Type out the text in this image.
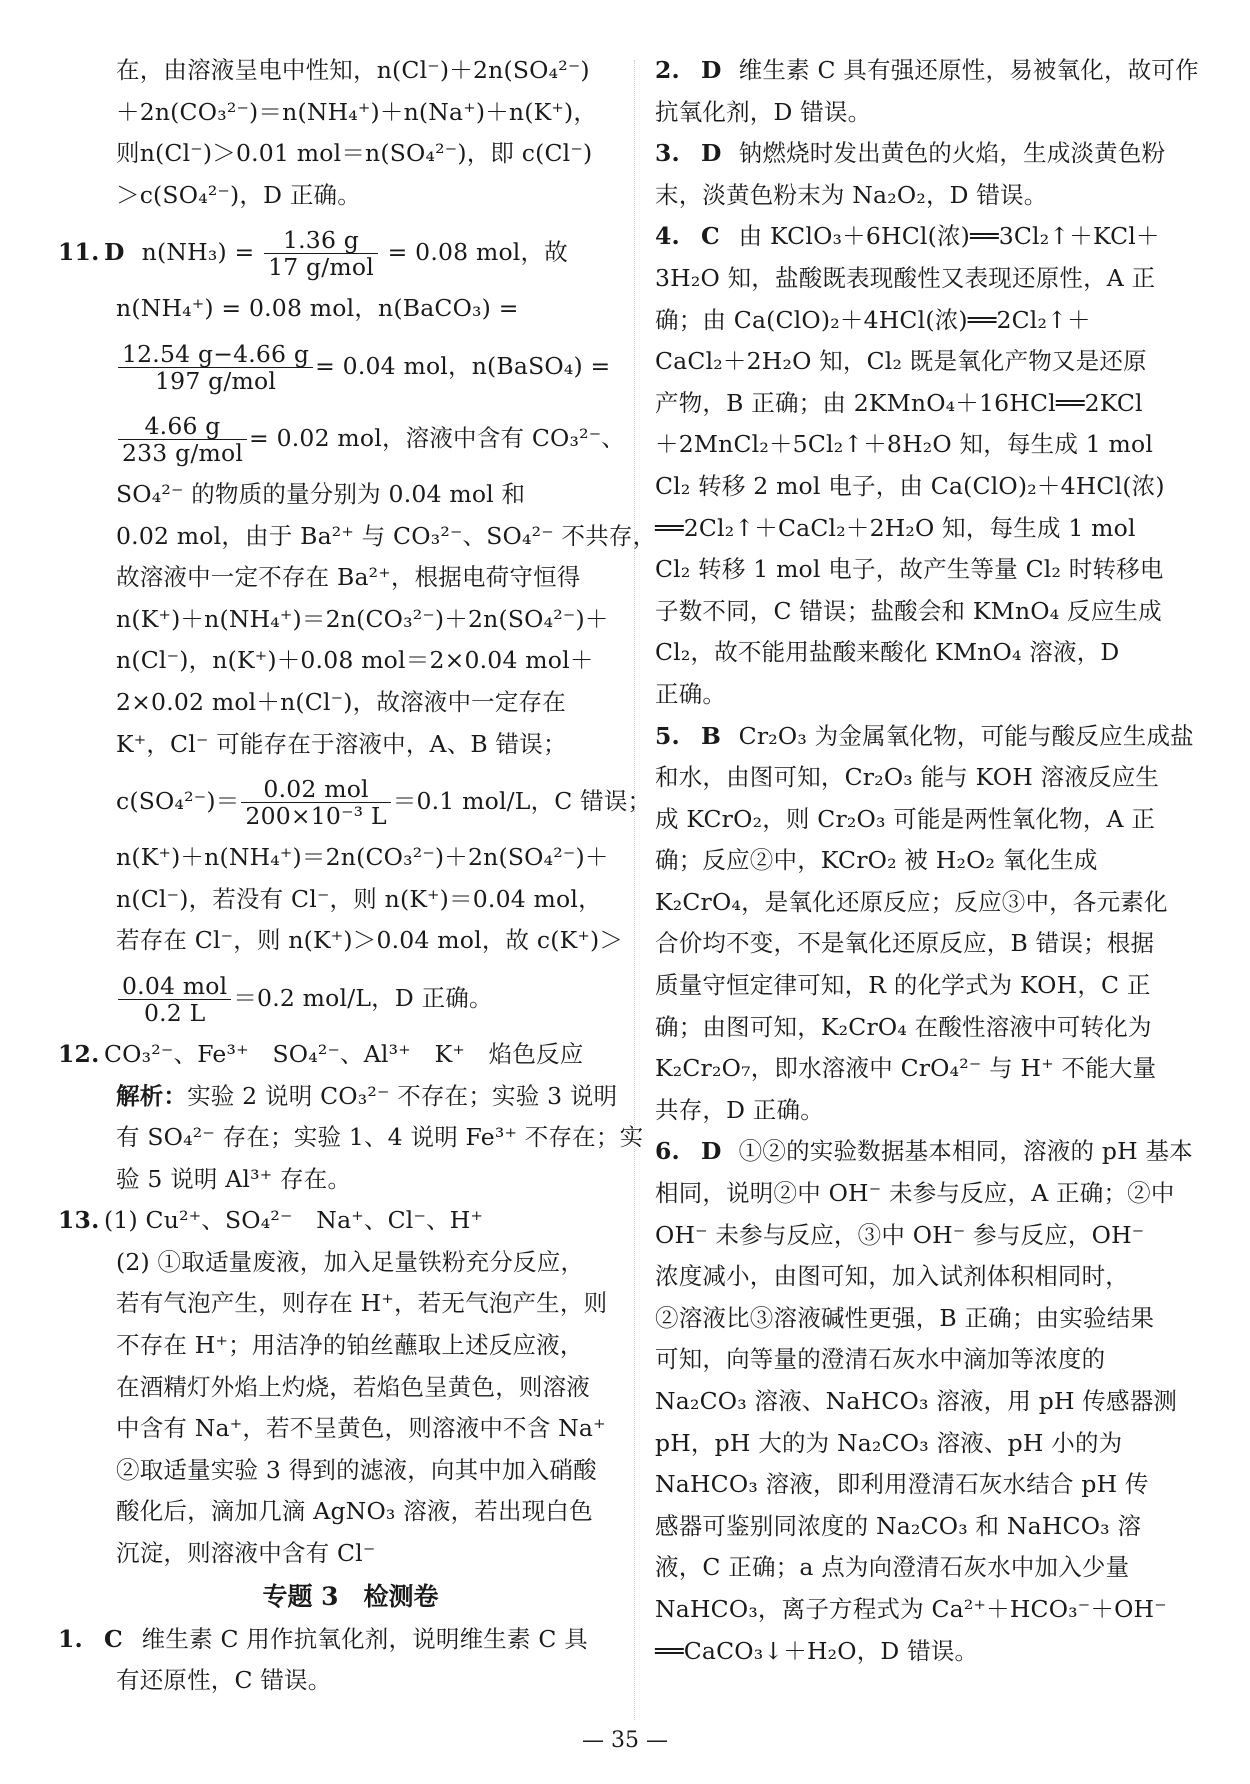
在，由溶液呈电中性知，n(Cl⁻)＋2n(SO₄²⁻)
＋2n(CO₃²⁻)＝n(NH₄⁺)＋n(Na⁺)＋n(K⁺)，
则n(Cl⁻)＞0.01 mol＝n(SO₄²⁻)，即 c(Cl⁻)
＞c(SO₄²⁻)，D 正确。
11. D $n(NH_3) = \frac{1.36 g}{\text{17 g/mol}} = 0.08$ mol，故
n(NH₄⁺) = 0.08 mol，n(BaCO₃) =
$\frac{12.54 g-4.66 g}{\text{197 g/mol}} = 0.04$ mol，n(BaSO₄) =
$\frac{4.66 g}{\text{233 g/mol}} = 0.02$ mol，溶液中含有 CO₃²⁻、
SO₄²⁻ 的物质的量分别为 0.04 mol 和
0.02 mol，由于 Ba²⁺ 与 CO₃²⁻、SO₄²⁻ 不共存，
故溶液中一定不存在 Ba²⁺，根据电荷守恒得
n(K⁺)＋n(NH₄⁺)＝2n(CO₃²⁻)＋2n(SO₄²⁻)＋
n(Cl⁻)，n(K⁺)＋0.08 mol＝2×0.04 mol＋
2×0.02 mol＋n(Cl⁻)，故溶液中一定存在
K⁺，Cl⁻ 可能存在于溶液中，A、B 错误；
$c(SO_4^{2-})= \frac{\text{0.02 mol}}{\text{200×10⁻³ L}} =0.1$ mol/L，C 错误；
n(K⁺)＋n(NH₄⁺)＝2n(CO₃²⁻)＋2n(SO₄²⁻)＋
n(Cl⁻)，若没有 Cl⁻，则 n(K⁺)＝0.04 mol，
若存在 Cl⁻，则 n(K⁺)＞0.04 mol，故 c(K⁺)＞
$\frac{\text{0.04 mol}}{0.2 L} =0.2$ mol/L，D 正确。
12. CO₃²⁻、Fe³⁺　SO₄²⁻、Al³⁺　K⁺　焰色反应
解析：实验 2 说明 CO₃²⁻ 不存在；实验 3 说明
有 SO₄²⁻ 存在；实验 1、4 说明 Fe³⁺ 不存在；实
验 5 说明 Al³⁺ 存在。
13. (1) Cu²⁺、SO₄²⁻　Na⁺、Cl⁻、H⁺
(2) ①取适量废液，加入足量铁粉充分反应，
若有气泡产生，则存在 H⁺，若无气泡产生，则
不存在 H⁺；用洁净的铂丝蘸取上述反应液，
在酒精灯外焰上灼烧，若焰色呈黄色，则溶液
中含有 Na⁺，若不呈黄色，则溶液中不含 Na⁺
②取适量实验 3 得到的滤液，向其中加入硝酸
酸化后，滴加几滴 AgNO₃ 溶液，若出现白色
沉淀，则溶液中含有 Cl⁻
专题 3　检测卷
1. C 维生素 C 用作抗氧化剂，说明维生素 C 具
有还原性，C 错误。
2. D 维生素 C 具有强还原性，易被氧化，故可作
抗氧化剂，D 错误。
3. D 钠燃烧时发出黄色的火焰，生成淡黄色粉
末，淡黄色粉末为 Na₂O₂，D 错误。
4. C 由 KClO₃＋6HCl(浓)══3Cl₂↑＋KCl＋
3H₂O 知，盐酸既表现酸性又表现还原性，A 正
确；由 Ca(ClO)₂＋4HCl(浓)══2Cl₂↑＋
CaCl₂＋2H₂O 知，Cl₂ 既是氧化产物又是还原
产物，B 正确；由 2KMnO₄＋16HCl══2KCl
＋2MnCl₂＋5Cl₂↑＋8H₂O 知，每生成 1 mol
Cl₂ 转移 2 mol 电子，由 Ca(ClO)₂＋4HCl(浓)
══2Cl₂↑＋CaCl₂＋2H₂O 知，每生成 1 mol
Cl₂ 转移 1 mol 电子，故产生等量 Cl₂ 时转移电
子数不同，C 错误；盐酸会和 KMnO₄ 反应生成
Cl₂，故不能用盐酸来酸化 KMnO₄ 溶液，D
正确。
5. B Cr₂O₃ 为金属氧化物，可能与酸反应生成盐
和水，由图可知，Cr₂O₃ 能与 KOH 溶液反应生
成 KCrO₂，则 Cr₂O₃ 可能是两性氧化物，A 正
确；反应②中，KCrO₂ 被 H₂O₂ 氧化生成
K₂CrO₄，是氧化还原反应；反应③中，各元素化
合价均不变，不是氧化还原反应，B 错误；根据
质量守恒定律可知，R 的化学式为 KOH，C 正
确；由图可知，K₂CrO₄ 在酸性溶液中可转化为
K₂Cr₂O₇，即水溶液中 CrO₄²⁻ 与 H⁺ 不能大量
共存，D 正确。
6. D ①②的实验数据基本相同，溶液的 pH 基本
相同，说明②中 OH⁻ 未参与反应，A 正确；②中
OH⁻ 未参与反应，③中 OH⁻ 参与反应，OH⁻
浓度减小，由图可知，加入试剂体积相同时，
②溶液比③溶液碱性更强，B 正确；由实验结果
可知，向等量的澄清石灰水中滴加等浓度的
Na₂CO₃ 溶液、NaHCO₃ 溶液，用 pH 传感器测
pH，pH 大的为 Na₂CO₃ 溶液、pH 小的为
NaHCO₃ 溶液，即利用澄清石灰水结合 pH 传
感器可鉴别同浓度的 Na₂CO₃ 和 NaHCO₃ 溶
液，C 正确；a 点为向澄清石灰水中加入少量
NaHCO₃，离子方程式为 Ca²⁺＋HCO₃⁻＋OH⁻
══CaCO₃↓＋H₂O，D 错误。
— 35 —
